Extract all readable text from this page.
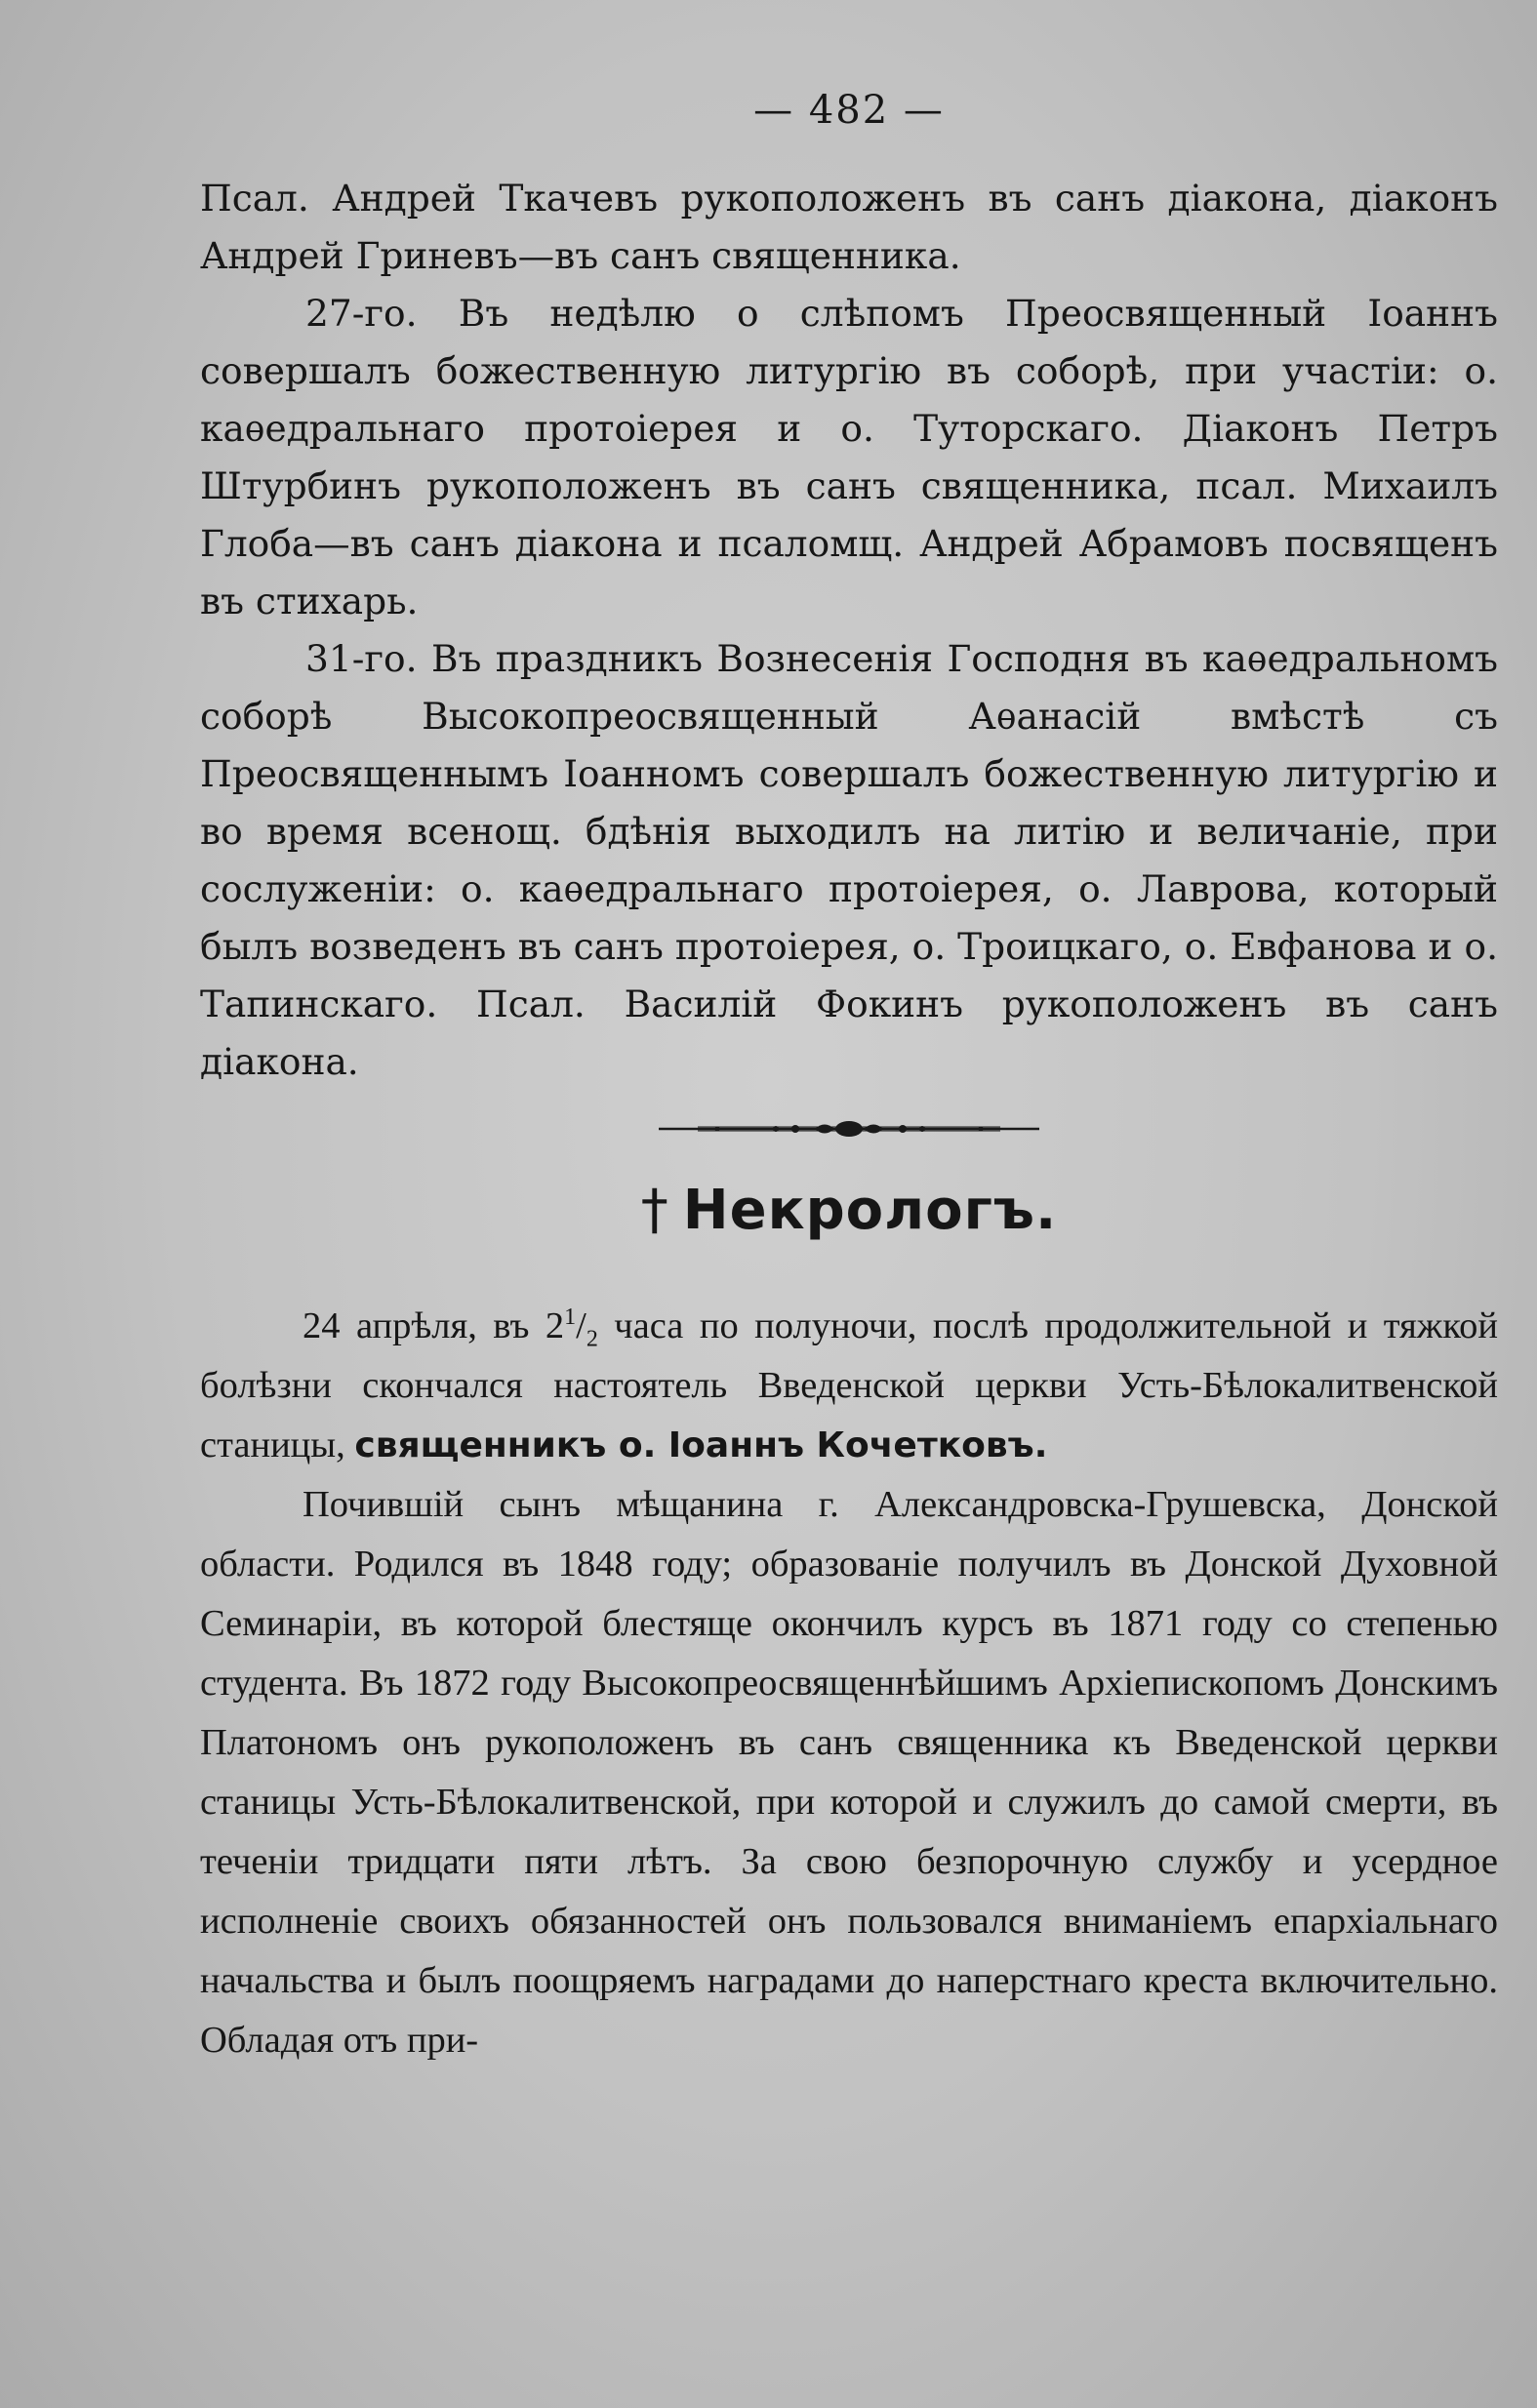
— 482 —

Псал. Андрей Ткачевъ рукоположенъ въ санъ діакона, діаконъ Андрей Гриневъ—въ санъ священника.

27-го. Въ недѣлю о слѣпомъ Преосвященный Іоаннъ совершалъ божественную литургію въ соборѣ, при участіи: о. каѳедральнаго протоіерея и о. Туторскаго. Діаконъ Петръ Штурбинъ рукоположенъ въ санъ священника, псал. Михаилъ Глоба—въ санъ діакона и псаломщ. Андрей Абрамовъ посвященъ въ стихарь.

31-го. Въ праздникъ Вознесенія Господня въ каѳедральномъ соборѣ Высокопреосвященный Аѳанасій вмѣстѣ съ Преосвященнымъ Іоанномъ совершалъ божественную литургію и во время всенощ. бдѣнія выходилъ на литію и величаніе, при сослуженіи: о. каѳедральнаго протоіерея, о. Лаврова, который былъ возведенъ въ санъ протоіерея, о. Троицкаго, о. Евфанова и о. Тапинскаго. Псал. Василій Фокинъ рукоположенъ въ санъ діакона.

† Некрологъ.

24 апрѣля, въ $2^1/_2$ часа по полуночи, послѣ продолжительной и тяжкой болѣзни скончался настоятель Введенской церкви Усть-Бѣлокалитвенской станицы, священникъ о. Іоаннъ Кочетковъ.

Почившій сынъ мѣщанина г. Александровска-Грушевска, Донской области. Родился въ 1848 году; образованіе получилъ въ Донской Духовной Семинаріи, въ которой блестяще окончилъ курсъ въ 1871 году со степенью студента. Въ 1872 году Высокопреосвященнѣйшимъ Архіепископомъ Донскимъ Платономъ онъ рукоположенъ въ санъ священника къ Введенской церкви станицы Усть-Бѣлокалитвенской, при которой и служилъ до самой смерти, въ теченіи тридцати пяти лѣтъ. За свою безпорочную службу и усердное исполненіе своихъ обязанностей онъ пользовался вниманіемъ епархіальнаго начальства и былъ поощряемъ наградами до наперстнаго креста включительно. Обладая отъ при-
